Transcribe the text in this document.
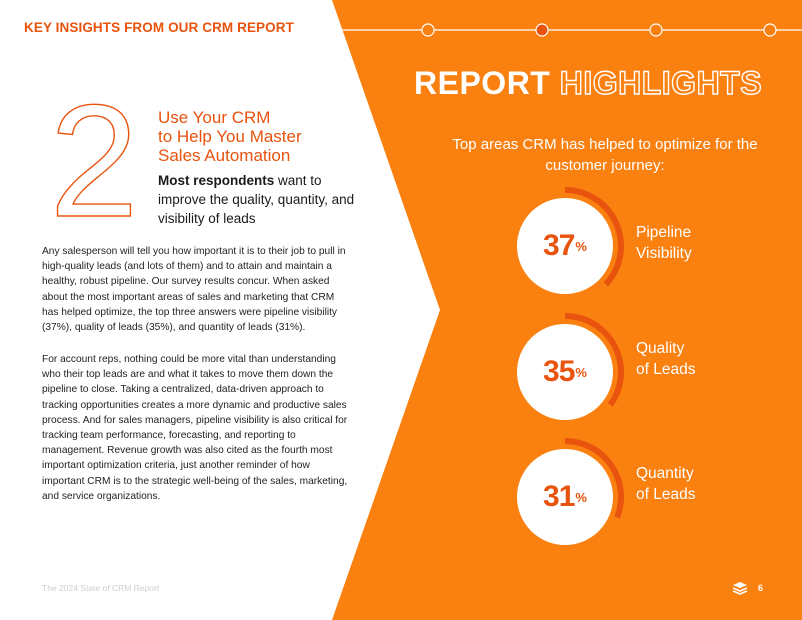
KEY INSIGHTS FROM OUR CRM REPORT
2 Use Your CRM
to Help You Master
Sales Automation
Most respondents want to improve the quality, quantity, and visibility of leads
Any salesperson will tell you how important it is to their job to pull in high-quality leads (and lots of them) and to attain and maintain a healthy, robust pipeline. Our survey results concur. When asked about the most important areas of sales and marketing that CRM has helped optimize, the top three answers were pipeline visibility (37%), quality of leads (35%), and quantity of leads (31%).
For account reps, nothing could be more vital than understanding who their top leads are and what it takes to move them down the pipeline to close. Taking a centralized, data-driven approach to tracking opportunities creates a more dynamic and productive sales process. And for sales managers, pipeline visibility is also critical for tracking team performance, forecasting, and reporting to management. Revenue growth was also cited as the fourth most important optimization criteria, just another reminder of how important CRM is to the strategic well-being of the sales, marketing, and service organizations.
The 2024 State of CRM Report
REPORT HIGHLIGHTS
Top areas CRM has helped to optimize for the customer journey:
37 %
Pipeline
Visibility
35 %
Quality
of Leads
31 %
Quantity
of Leads
6
